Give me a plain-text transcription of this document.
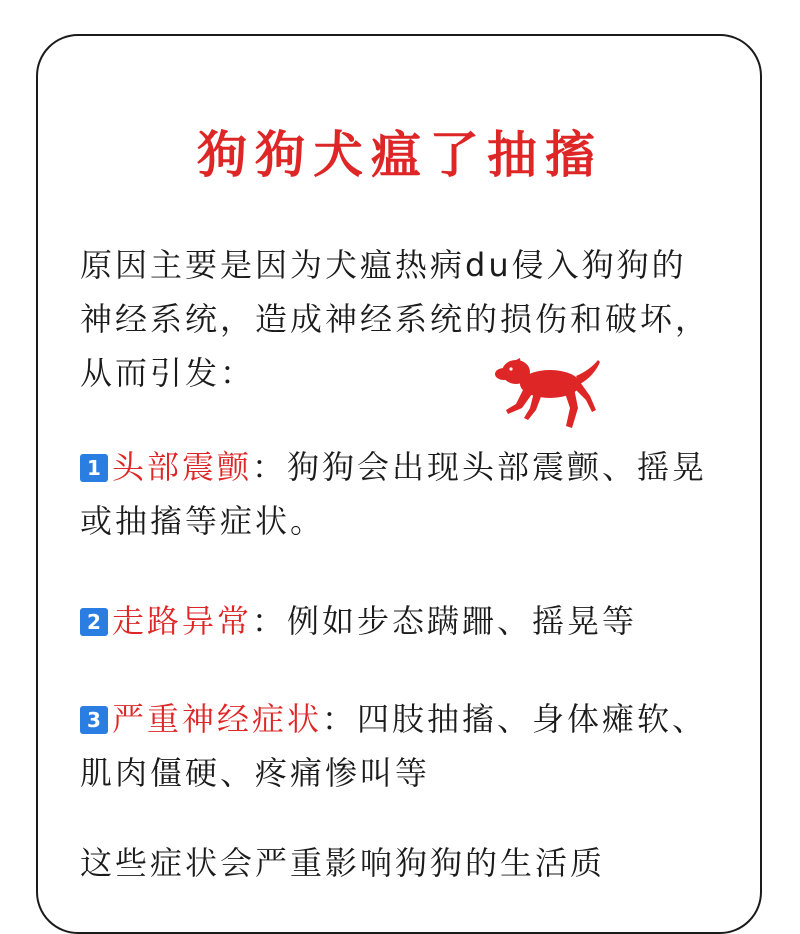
狗狗犬瘟了抽搐

原因主要是因为犬瘟热病du侵入狗狗的神经系统，造成神经系统的损伤和破坏，从而引发：

1 头部震颤：狗狗会出现头部震颤、摇晃或抽搐等症状。

2 走路异常：例如步态蹒跚、摇晃等

3 严重神经症状：四肢抽搐、身体瘫软、肌肉僵硬、疼痛惨叫等

这些症状会严重影响狗狗的生活质
